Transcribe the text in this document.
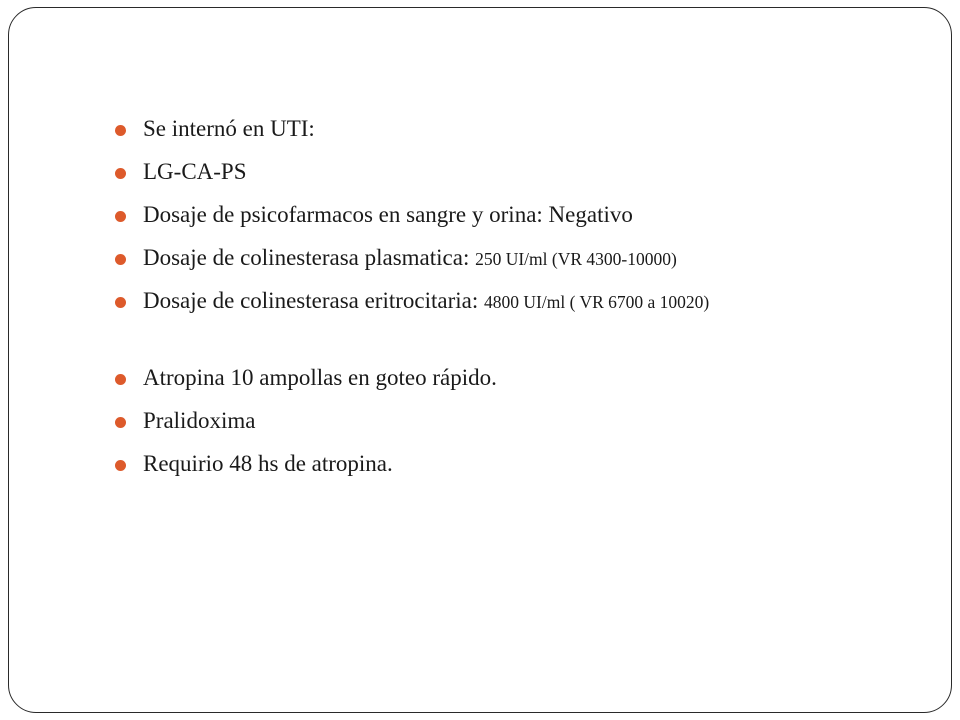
Se internó en UTI:
LG-CA-PS
Dosaje de psicofarmacos en sangre y orina: Negativo
Dosaje de colinesterasa plasmatica: 250 UI/ml (VR 4300-10000)
Dosaje de colinesterasa eritrocitaria: 4800 UI/ml ( VR 6700 a 10020)
Atropina 10 ampollas en goteo rápido.
Pralidoxima
Requirio 48 hs de atropina.
